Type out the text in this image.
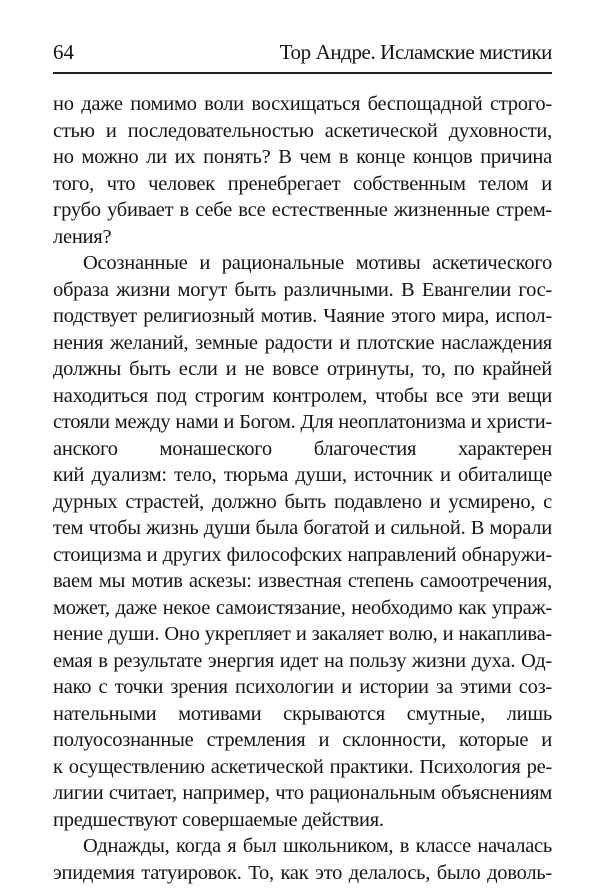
64	Тор Андре. Исламские мистики
но даже помимо воли восхищаться беспощадной строго-
стью и последовательностью аскетической духовности,
но можно ли их понять? В чем в конце концов причина
того, что человек пренебрегает собственным телом и
грубо убивает в себе все естественные жизненные стрем-
ления?
Осознанные и рациональные мотивы аскетического
образа жизни могут быть различными. В Евангелии гос-
подствует религиозный мотив. Чаяние этого мира, испол-
нения желаний, земные радости и плотские наслаждения
должны быть если и не вовсе отринуты, то, по крайней
находиться под строгим контролем, чтобы все эти вещи
стояли между нами и Богом. Для неоплатонизма и христи-
анского монашеского благочестия характерен
кий дуализм: тело, тюрьма души, источник и обиталище
дурных страстей, должно быть подавлено и усмирено, с
тем чтобы жизнь души была богатой и сильной. В морали
стоицизма и других философских направлений обнаружи-
ваем мы мотив аскезы: известная степень самоотречения,
может, даже некое самоистязание, необходимо как упраж-
нение души. Оно укрепляет и закаляет волю, и накаплива-
емая в результате энергия идет на пользу жизни духа. Од-
нако с точки зрения психологии и истории за этими соз-
нательными мотивами скрываются смутные, лишь
полуосознанные стремления и склонности, которые и
к осуществлению аскетической практики. Психология ре-
лигии считает, например, что рациональным объяснениям
предшествуют совершаемые действия.
Однажды, когда я был школьником, в классе началась
эпидемия татуировок. То, как это делалось, было доволь-
